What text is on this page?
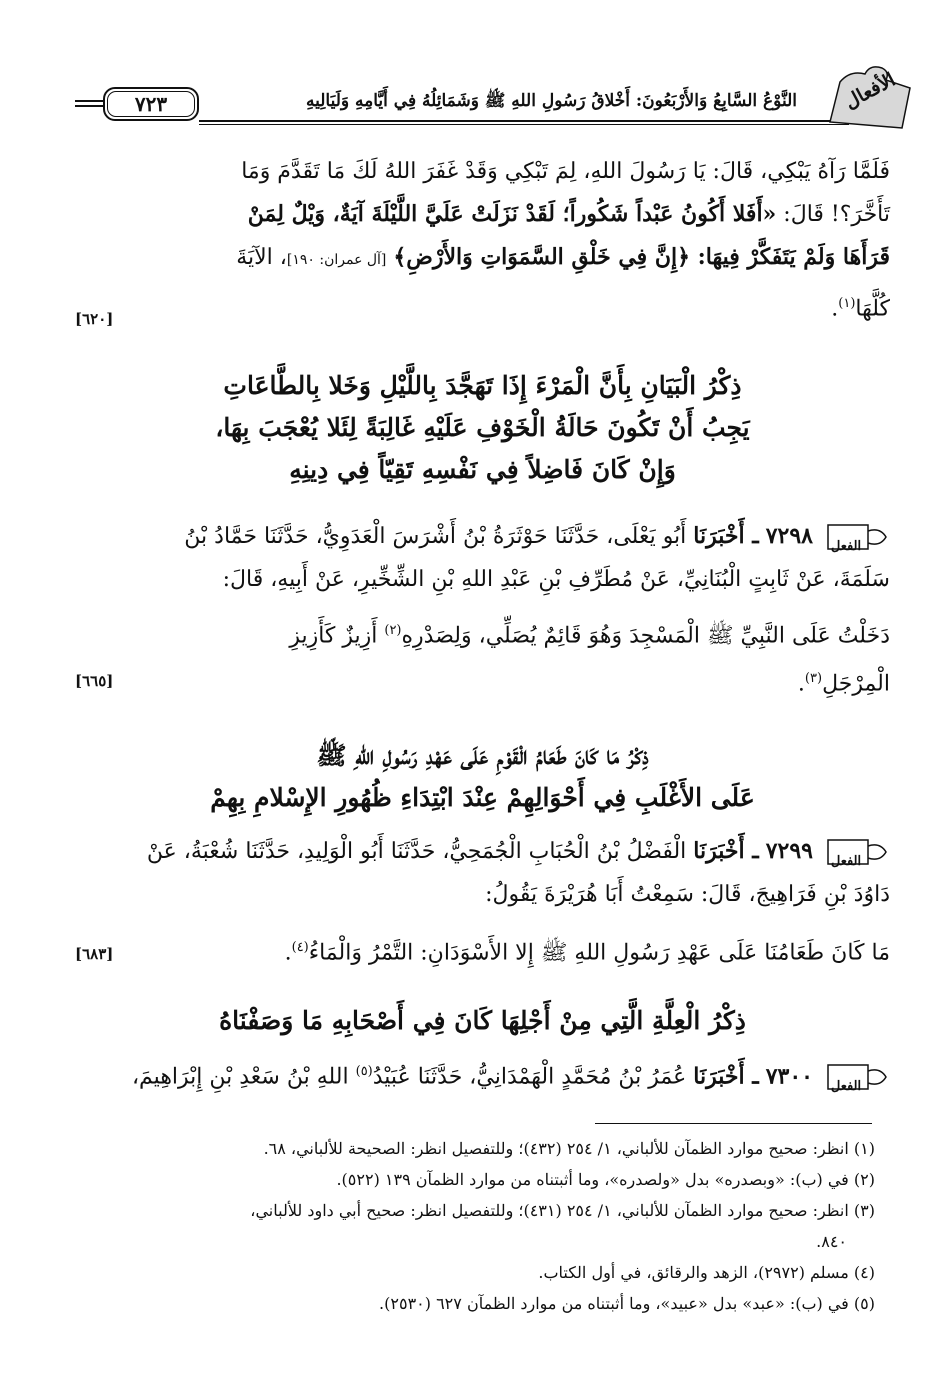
٧٢٣	النَّوْعُ السَّابِعُ وَالأَرْبَعُونَ: أَخْلاقُ رَسُولِ اللهِ ﷺ وَشَمَائِلُهُ فِي أَيَّامِهِ وَلَيَالِيهِ	الأفعال
فَلَمَّا رَآهُ يَبْكِي، قَالَ: يَا رَسُولَ اللهِ، لِمَ تَبْكِي وَقَدْ غَفَرَ اللهُ لَكَ مَا تَقَدَّمَ وَمَا
تَأَخَّرَ؟! قَالَ: «أَفَلا أَكُونُ عَبْداً شَكُوراً؛ لَقَدْ نَزَلَتْ عَلَيَّ اللَّيْلَةَ آيَةٌ، وَيْلٌ لِمَنْ
قَرَأَهَا وَلَمْ يَتَفَكَّرْ فِيهَا: ﴿إِنَّ فِي خَلْقِ السَّمَوَاتِ وَالأَرْضِ﴾ [آل عمران: ١٩٠]، الآيَةَ
كُلَّهَا$^{(١)}$.
[٦٢٠]
ذِكْرُ الْبَيَانِ بِأَنَّ الْمَرْءَ إِذَا تَهَجَّدَ بِاللَّيْلِ وَخَلا بِالطَّاعَاتِ
يَجِبُ أَنْ تَكُونَ حَالَةُ الْخَوْفِ عَلَيْهِ غَالِبَةً لِئَلا يُعْجَبَ بِهَا،
وَإِنْ كَانَ فَاضِلاً فِي نَفْسِهِ تَقِيّاً فِي دِينِهِ
الفعل
٧٢٩٨ ـ أَخْبَرَنَا أَبُو يَعْلَى، حَدَّثَنَا حَوْثَرَةُ بْنُ أَشْرَسَ الْعَدَوِيُّ، حَدَّثَنَا حَمَّادُ بْنُ
سَلَمَةَ، عَنْ ثَابِتٍ الْبُنَانِيِّ، عَنْ مُطَرِّفِ بْنِ عَبْدِ اللهِ بْنِ الشِّخِّيرِ، عَنْ أَبِيهِ، قَالَ:
دَخَلْتُ عَلَى النَّبِيِّ ﷺ الْمَسْجِدَ وَهُوَ قَائِمٌ يُصَلِّي، وَلِصَدْرِهِ$^{(٢)}$ أَزِيزٌ كَأَزِيزِ
الْمِرْجَلِ$^{(٣)}$.
[٦٦٥]
ذِكْرُ مَا كَانَ طَعَامُ الْقَوْمِ عَلَى عَهْدِ رَسُولِ اللهِ ﷺ
عَلَى الأَغْلَبِ فِي أَحْوَالِهِمْ عِنْدَ ابْتِدَاءِ ظُهُورِ الإِسْلامِ بِهِمْ
الفعل
٧٢٩٩ ـ أَخْبَرَنَا الْفَضْلُ بْنُ الْحُبَابِ الْجُمَحِيُّ، حَدَّثَنَا أَبُو الْوَلِيدِ، حَدَّثَنَا شُعْبَةُ، عَنْ
دَاوُدَ بْنِ فَرَاهِيجَ، قَالَ: سَمِعْتُ أَبَا هُرَيْرَةَ يَقُولُ:
مَا كَانَ طَعَامُنَا عَلَى عَهْدِ رَسُولِ اللهِ ﷺ إِلا الأَسْوَدَانِ: التَّمْرُ وَالْمَاءُ$^{(٤)}$.
[٦٨٣]
ذِكْرُ الْعِلَّةِ الَّتِي مِنْ أَجْلِهَا كَانَ فِي أَصْحَابِهِ مَا وَصَفْنَاهُ
الفعل
٧٣٠٠ ـ أَخْبَرَنَا عُمَرُ بْنُ مُحَمَّدٍ الْهَمْدَانِيُّ، حَدَّثَنَا عُبَيْدُ$^{(٥)}$ اللهِ بْنُ سَعْدِ بْنِ إِبْرَاهِيمَ،
(١) انظر: صحيح موارد الظمآن للألباني، ١/ ٢٥٤ (٤٣٢)؛ وللتفصيل انظر: الصحيحة للألباني، ٦٨.
(٢) في (ب): «وبصدره» بدل «ولصدره»، وما أثبتناه من موارد الظمآن ١٣٩ (٥٢٢).
(٣) انظر: صحيح موارد الظمآن للألباني، ١/ ٢٥٤ (٤٣١)؛ وللتفصيل انظر: صحيح أبي داود للألباني،
٨٤٠.
(٤) مسلم (٢٩٧٢)، الزهد والرقائق، في أول الكتاب.
(٥) في (ب): «عبد» بدل «عبيد»، وما أثبتناه من موارد الظمآن ٦٢٧ (٢٥٣٠).
